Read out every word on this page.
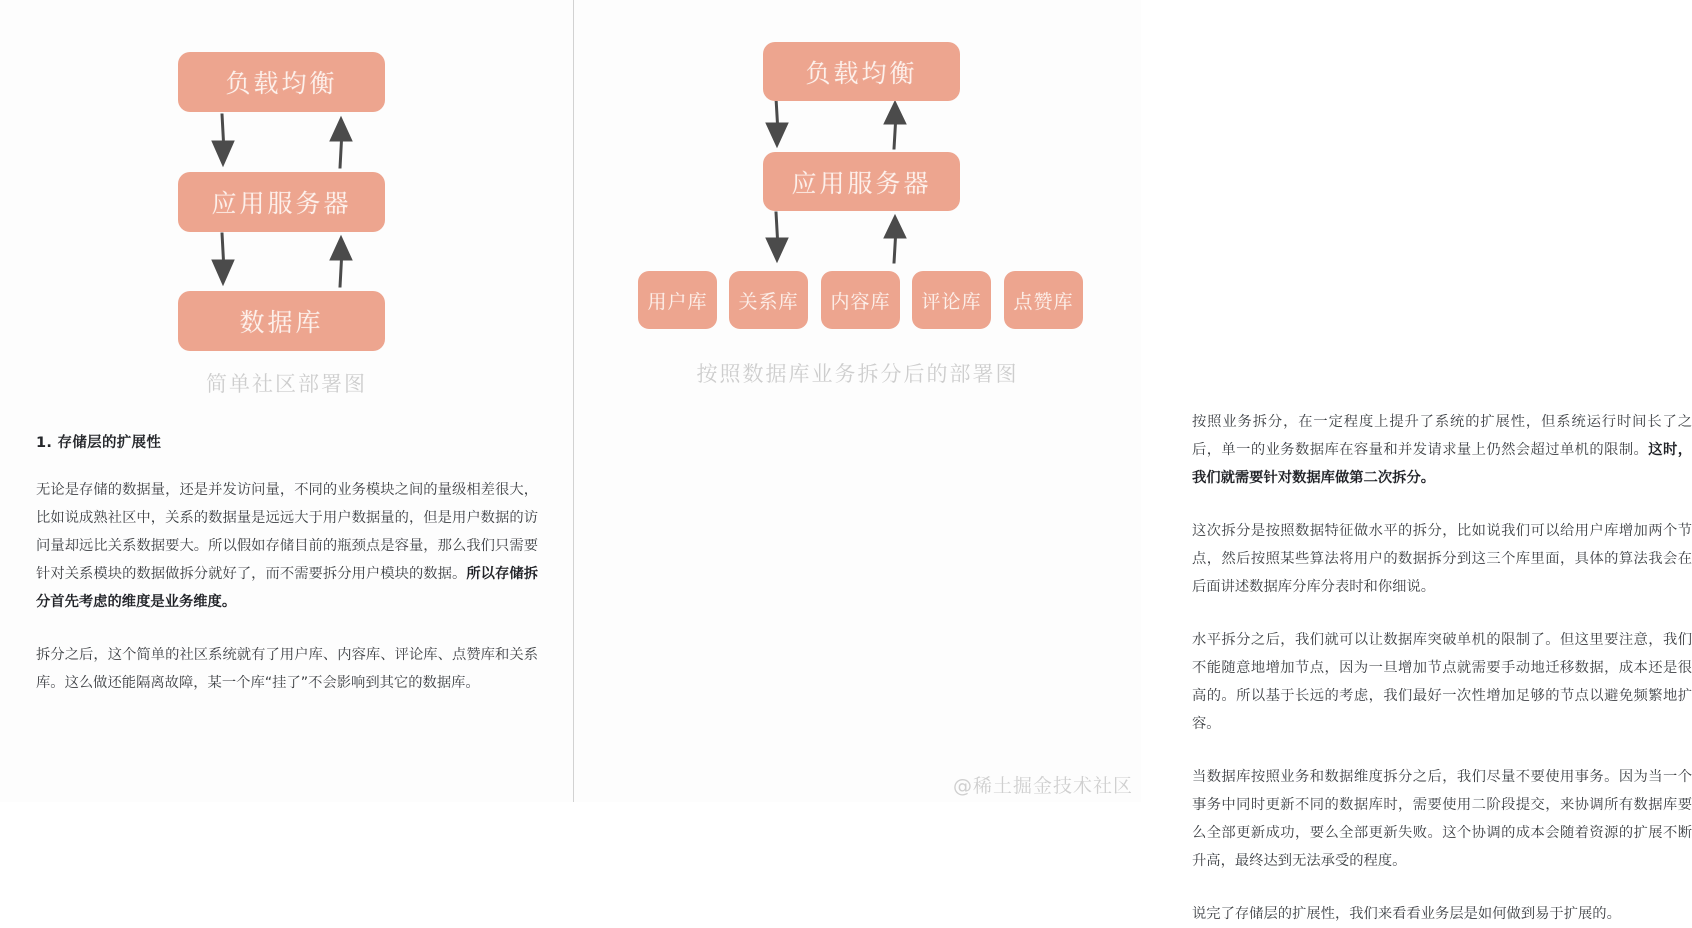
负载均衡
应用服务器
数据库
简单社区部署图
1. 存储层的扩展性

无论是存储的数据量，还是并发访问量，不同的业务模块之间的量级相差很大，比如说成熟社区中，关系的数据量是远远大于用户数据量的，但是用户数据的访问量却远比关系数据要大。所以假如存储目前的瓶颈点是容量，那么我们只需要针对关系模块的数据做拆分就好了，而不需要拆分用户模块的数据。所以存储拆分首先考虑的维度是业务维度。

拆分之后，这个简单的社区系统就有了用户库、内容库、评论库、点赞库和关系库。这么做还能隔离故障，某一个库“挂了”不会影响到其它的数据库。

负载均衡
应用服务器
用户库 关系库 内容库 评论库 点赞库
按照数据库业务拆分后的部署图

按照业务拆分，在一定程度上提升了系统的扩展性，但系统运行时间长了之后，单一的业务数据库在容量和并发请求量上仍然会超过单机的限制。这时，我们就需要针对数据库做第二次拆分。

这次拆分是按照数据特征做水平的拆分，比如说我们可以给用户库增加两个节点，然后按照某些算法将用户的数据拆分到这三个库里面，具体的算法我会在后面讲述数据库分库分表时和你细说。

水平拆分之后，我们就可以让数据库突破单机的限制了。但这里要注意，我们不能随意地增加节点，因为一旦增加节点就需要手动地迁移数据，成本还是很高的。所以基于长远的考虑，我们最好一次性增加足够的节点以避免频繁地扩容。

当数据库按照业务和数据维度拆分之后，我们尽量不要使用事务。因为当一个事务中同时更新不同的数据库时，需要使用二阶段提交，来协调所有数据库要么全部更新成功，要么全部更新失败。这个协调的成本会随着资源的扩展不断升高，最终达到无法承受的程度。

说完了存储层的扩展性，我们来看看业务层是如何做到易于扩展的。

@稀土掘金技术社区
